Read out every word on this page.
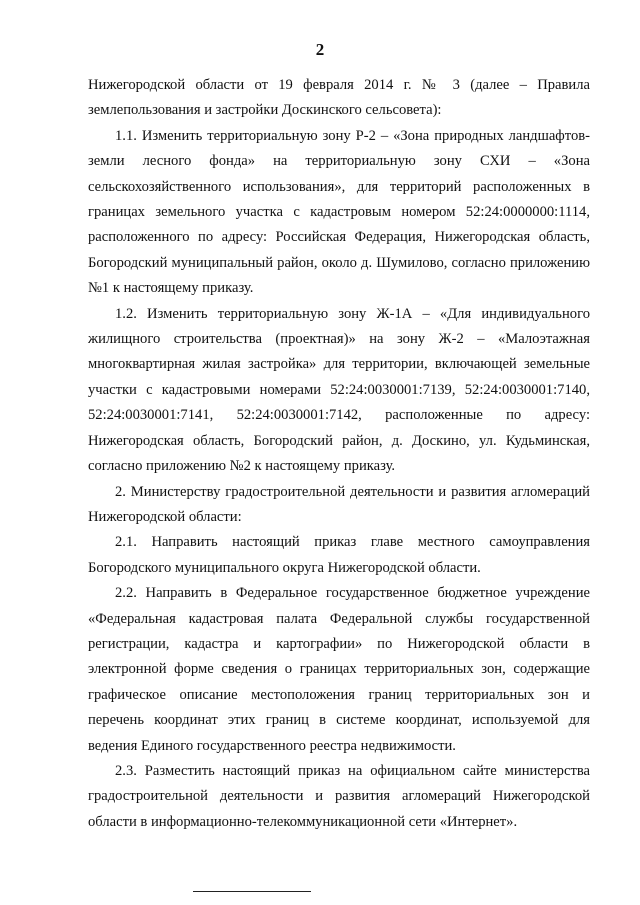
2

Нижегородской области от 19 февраля 2014 г. № 3 (далее – Правила землепользования и застройки Доскинского сельсовета):

1.1. Изменить территориальную зону Р-2 – «Зона природных ландшафтов-земли лесного фонда» на территориальную зону СХИ – «Зона сельскохозяйственного использования», для территорий расположенных в границах земельного участка с кадастровым номером 52:24:0000000:1114, расположенного по адресу: Российская Федерация, Нижегородская область, Богородский муниципальный район, около д. Шумилово, согласно приложению №1 к настоящему приказу.

1.2. Изменить территориальную зону Ж-1А – «Для индивидуального жилищного строительства (проектная)» на зону Ж-2 – «Малоэтажная многоквартирная жилая застройка» для территории, включающей земельные участки с кадастровыми номерами 52:24:0030001:7139, 52:24:0030001:7140, 52:24:0030001:7141, 52:24:0030001:7142, расположенные по адресу: Нижегородская область, Богородский район, д. Доскино, ул. Кудьминская, согласно приложению №2 к настоящему приказу.

2. Министерству градостроительной деятельности и развития агломераций Нижегородской области:

2.1. Направить настоящий приказ главе местного самоуправления Богородского муниципального округа Нижегородской области.

2.2. Направить в Федеральное государственное бюджетное учреждение «Федеральная кадастровая палата Федеральной службы государственной регистрации, кадастра и картографии» по Нижегородской области в электронной форме сведения о границах территориальных зон, содержащие графическое описание местоположения границ территориальных зон и перечень координат этих границ в системе координат, используемой для ведения Единого государственного реестра недвижимости.

2.3. Разместить настоящий приказ на официальном сайте министерства градостроительной деятельности и развития агломераций Нижегородской области в информационно-телекоммуникационной сети «Интернет».
